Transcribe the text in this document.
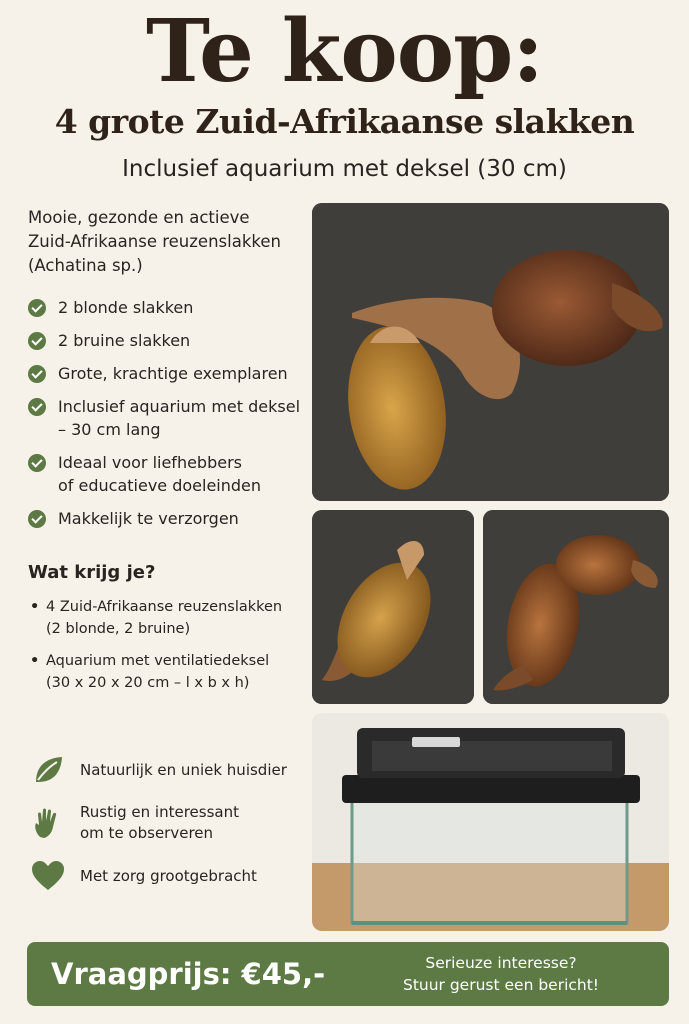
Te koop:
4 grote Zuid-Afrikaanse slakken
Inclusief aquarium met deksel (30 cm)
Mooie, gezonde en actieve
Zuid-Afrikaanse reuzenslakken
(Achatina sp.)
2 blonde slakken
2 bruine slakken
Grote, krachtige exemplaren
Inclusief aquarium met deksel
– 30 cm lang
Ideaal voor liefhebbers
of educatieve doeleinden
Makkelijk te verzorgen
Wat krijg je?
• 4 Zuid-Afrikaanse reuzenslakken
(2 blonde, 2 bruine)
• Aquarium met ventilatiedeksel
(30 x 20 x 20 cm – l x b x h)
Natuurlijk en uniek huisdier
Rustig en interessant
om te observeren
Met zorg grootgebracht
Vraagprijs: €45,-	Serieuze interesse?
Stuur gerust een bericht!
